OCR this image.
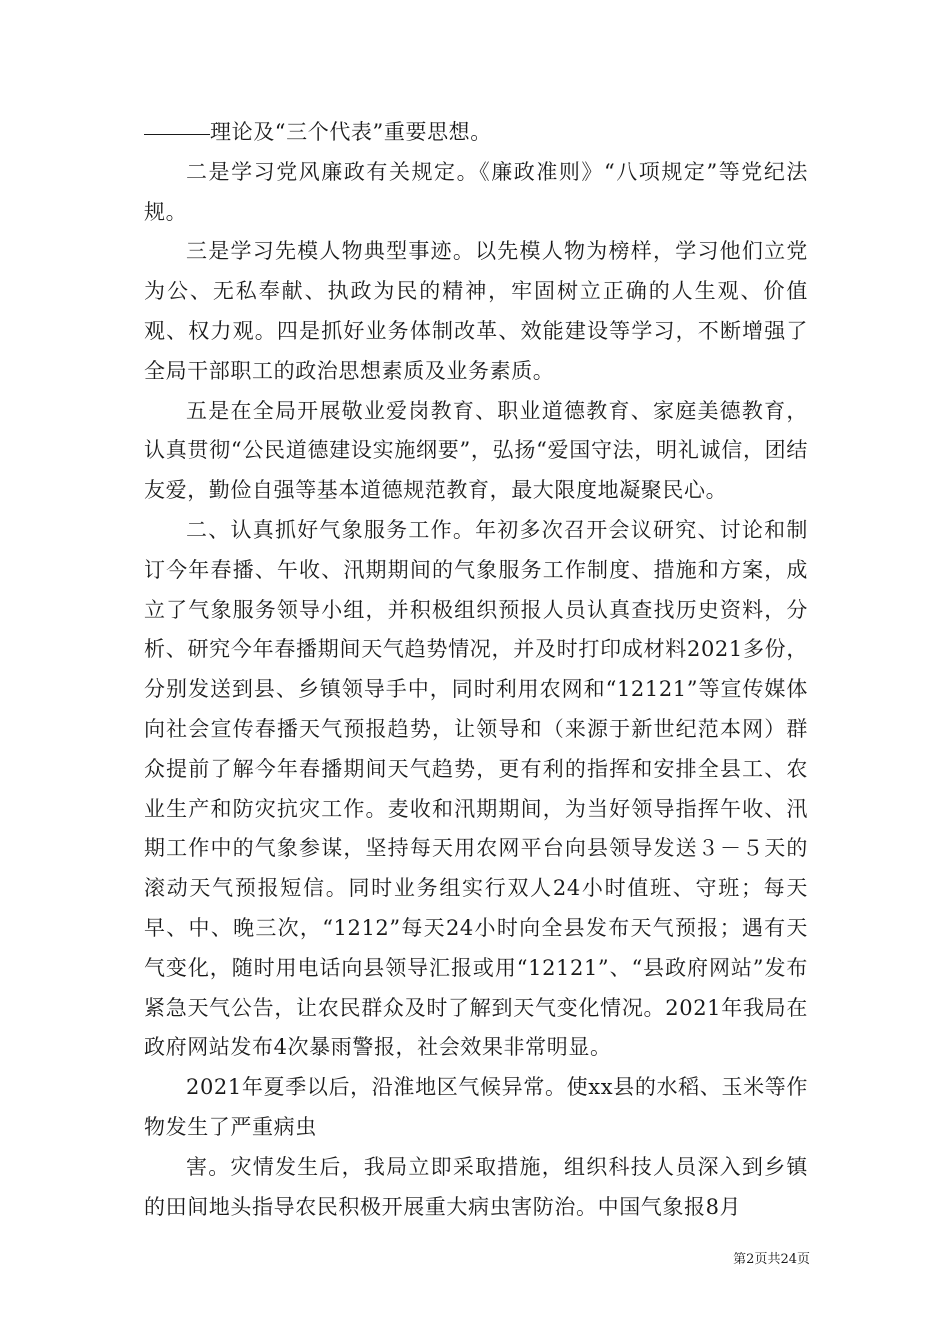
理论及“三个代表”重要思想。

二是学习党风廉政有关规定。《廉政准则》“八项规定”等党纪法规。

三是学习先模人物典型事迹。以先模人物为榜样，学习他们立党为公、无私奉献、执政为民的精神，牢固树立正确的人生观、价值观、权力观。四是抓好业务体制改革、效能建设等学习，不断增强了全局干部职工的政治思想素质及业务素质。

五是在全局开展敬业爱岗教育、职业道德教育、家庭美德教育，认真贯彻“公民道德建设实施纲要”，弘扬“爱国守法，明礼诚信，团结友爱，勤俭自强等基本道德规范教育，最大限度地凝聚民心。

二、认真抓好气象服务工作。年初多次召开会议研究、讨论和制订今年春播、午收、汛期期间的气象服务工作制度、措施和方案，成立了气象服务领导小组，并积极组织预报人员认真查找历史资料，分析、研究今年春播期间天气趋势情况，并及时打印成材料2021多份，分别发送到县、乡镇领导手中，同时利用农网和“12121”等宣传媒体向社会宣传春播天气预报趋势，让领导和（来源于新世纪范本网）群众提前了解今年春播期间天气趋势，更有利的指挥和安排全县工、农业生产和防灾抗灾工作。麦收和汛期期间，为当好领导指挥午收、汛期工作中的气象参谋，坚持每天用农网平台向县领导发送３－５天的滚动天气预报短信。同时业务组实行双人24小时值班、守班；每天早、中、晚三次，“1212”每天24小时向全县发布天气预报；遇有天气变化，随时用电话向县领导汇报或用“12121”、“县政府网站”发布紧急天气公告，让农民群众及时了解到天气变化情况。2021年我局在政府网站发布4次暴雨警报，社会效果非常明显。

2021年夏季以后，沿淮地区气候异常。使xx县的水稻、玉米等作物发生了严重病虫

害。灾情发生后，我局立即采取措施，组织科技人员深入到乡镇的田间地头指导农民积极开展重大病虫害防治。中国气象报8月

第2页共24页
